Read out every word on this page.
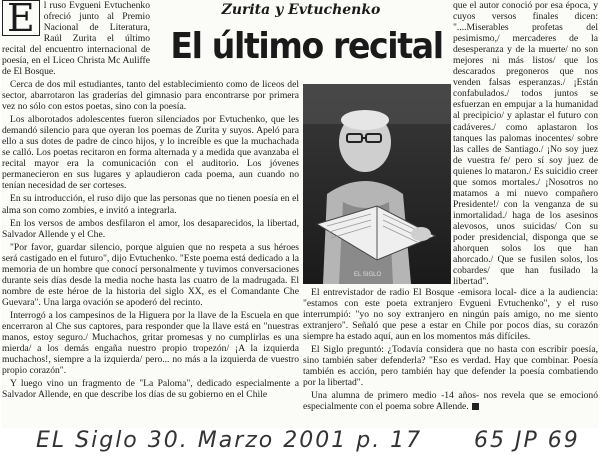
Zurita y Evtuchenko
El último recital
E l ruso Evgueni Evtuchenko ofreció junto al Premio Nacional de Literatura, Raúl Zurita el último recital del encuentro internacional de poesía, en el Liceo Christa Mc Auliffe de El Bosque.

Cerca de dos mil estudiantes, tanto del establecimiento como de liceos del sector, abarrotaron las graderías del gimnasio para encontrarse por primera vez no sólo con estos poetas, sino con la poesía.

Los alborotados adolescentes fueron silenciados por Evtuchenko, que les demandó silencio para que oyeran los poemas de Zurita y suyos. Apeló para ello a sus dotes de padre de cinco hijos, y lo increíble es que la muchachada se calló. Los poetas recitaron en forma alternada y a medida que avanzaba el recital mayor era la comunicación con el auditorio. Los jóvenes permanecieron en sus lugares y aplaudieron cada poema, aun cuando no tenían necesidad de ser corteses.

En su introducción, el ruso dijo que las personas que no tienen poesía en el alma son como zombies, e invitó a integrarla.

En los versos de ambos desfilaron el amor, los desaparecidos, la libertad, Salvador Allende y el Che.

"Por favor, guardar silencio, porque alguien que no respeta a sus héroes será castigado en el futuro", dijo Evtuchenko. "Este poema está dedicado a la memoria de un hombre que conocí personalmente y tuvimos conversaciones durante seis días desde la media noche hasta las cuatro de la madrugada. El nombre de este héroe de la historia del siglo XX, es el Comandante Che Guevara". Una larga ovación se apoderó del recinto.

Interrogó a los campesinos de la Higuera por la llave de la Escuela en que encerraron al Che sus captores, para responder que la llave está en "nuestras manos, estoy seguro./ Muchachos, gritar promesas y no cumplirlas es una mierda/ a los demás engaña nuestro propio tropezón/ ¡A la izquierda muchachos!, siempre a la izquierda/ pero... no más a la izquierda de vuestro propio corazón".

Y luego vino un fragmento de "La Paloma", dedicado especialmente a Salvador Allende, en que describe los días de su gobierno en el Chile

EL SIGLO

que el autor conoció por esa época, y cuyos versos finales dicen: "....Miserables profetas del pesimismo,/ mercaderes de la desesperanza y de la muerte/ no son mejores ni más listos/ que los descarados pregoneros que nos venden falsas esperanzas./ ¡Están confabulados./ todos juntos se esfuerzan en empujar a la humanidad al precipicio/ y aplastar el futuro con cadáveres./ como aplastaron los tanques las palomas inocentes/ sobre las calles de Santiago./ ¡No soy juez de vuestra fe/ pero sí soy juez de quienes lo mataron./ Es suicidio creer que somos mortales./ ¡Nosotros no matamos a mi nuevo compañero Presidente!/ con la venganza de su inmortalidad./ haga de los asesinos alevosos, unos suicidas/ Con su poder presidencial, disponga que se ahorquen solos los que han ahorcado./ Que se fusilen solos, los cobardes/ que han fusilado la libertad".

El entrevistador de radio El Bosque -emisora local- dice a la audiencia: "estamos con este poeta extranjero Evgueni Evtuchenko", y el ruso interrumpió: "yo no soy extranjero en ningún país amigo, no me siento extranjero". Señaló que pese a estar en Chile por pocos días, su corazón siempre ha estado aquí, aun en los momentos más difíciles.

El Siglo preguntó: ¿Todavía considera que no hasta con escribir poesía, sino también saber defenderla? "Eso es verdad. Hay que combinar. Poesía también es acción, pero también hay que defender la poesía combatiendo por la libertad".

Una alumna de primero medio -14 años- nos revela que se emocionó especialmente con el poema sobre Allende.

EL Siglo 30. Marzo 2001 p. 17 65 JP 69
